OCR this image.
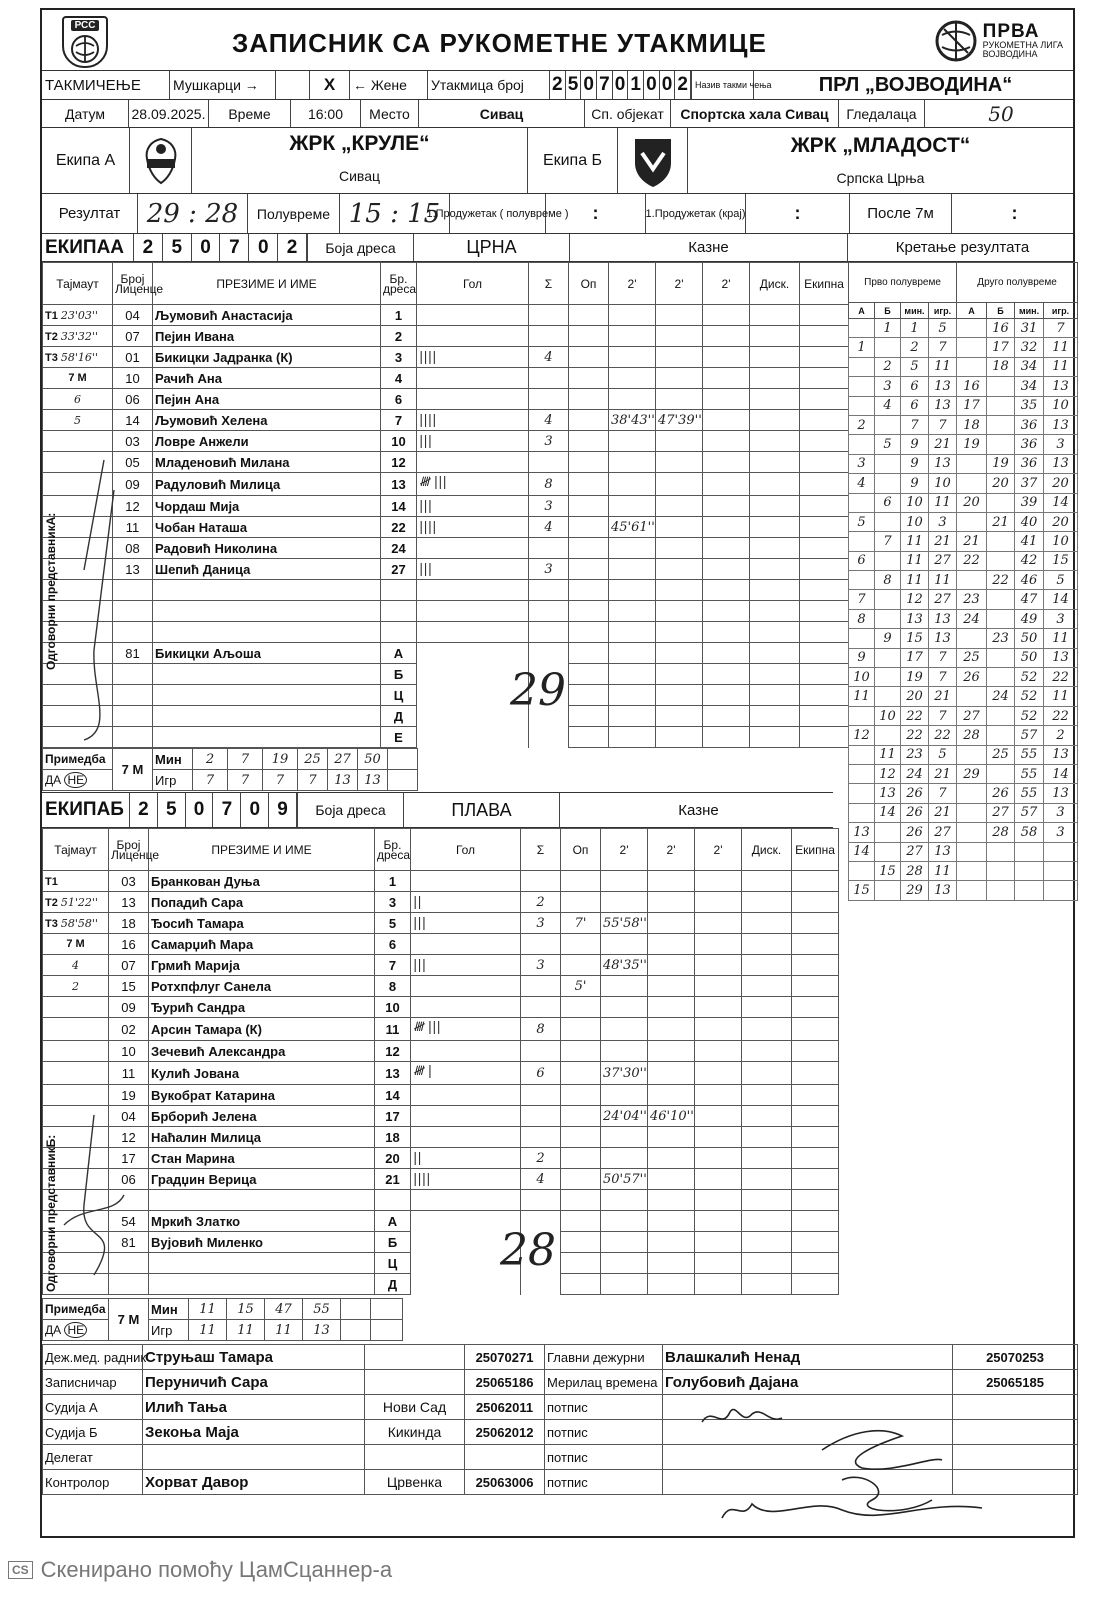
РСС
ЗАПИСНИК СА РУКОМЕТНЕ УТАКМИЦЕ	ПРВА
РУКОМЕТНА ЛИГА
ВОЈВОДИНА
ТАКМИЧЕЊЕ	Мушкарци →	X	← Жене	Утакмица број	2 5 0 7 0 1 0 0 2 Назив такми чења	ПРЛ „ВОЈВОДИНА“
Датум	28.09.2025.	Време	16:00	Место	Сивац	Сп. објекат	Спортска хала Сивац	Гледалаца	50
Екипа А
ЖРК „КРУЛЕ“
Сивац
Екипа Б
ЖРК „МЛАДОСТ“
Српска Црња
Резултат	29 : 28	Полувреме 15 : 15
1.Продужетак ( полувреме )	:	1.Продужетак (крај)	:	После 7м	:
ЕКИПАА 2 5 0 7 0 2	Боја дреса	ЦРНА	Казне	Кретање резултата
Тајмаут	Број Лиценце	ПРЕЗИМЕ И ИМЕ	Бр. дреса	Гол	Σ	Оп	2'	2'	2'	Диск.	Екипна
T1 23'03''	04	Љумовић Анастасија	1								
T2 33'32''	07	Пејин Ивана	2								
T3 58'16''	01	Бикицки Јадранка (К)	3	||||	4						
7 M	10	Рачић Ана	4								
6	06	Пејин Ана	6								
5	14	Љумовић Хелена	7	||||	4		38'43''	47'39''			
	03	Ловре Анжели	10	|||	3						
	05	Младеновић Милана	12								
	09	Радуловић Милица	13	𝍸 |||	8						
	12	Чордаш Мија	14	|||	3						
	11	Чобан Наташа	22	||||	4		45'61''				
	08	Радовић Николина	24								
	13	Шепић Даница	27	|||	3						

	81	Бикицки Аљоша	А								
			Б								
			Ц								
			Д								
			Е								
Примедба	7 M	Мин	2	7	19	25	27	50	
ДА НЕ		Игр	7	7	7	7	13	13	
ЕКИПАБ 2 5 0 7 0 9	Боја дреса	ПЛАВА	Казне
Тајмаут	Број Лиценце	ПРЕЗИМЕ И ИМЕ	Бр. дреса	Гол	Σ	Оп	2'	2'	2'	Диск.	Екипна
T1	03	Бранкован Дуња	1								
T2 51'22''	13	Попадић Сара	3	||	2						
T3 58'58''	18	Ђосић Тамара	5	|||	3	7'	55'58''				
7 M	16	Самарџић Мара	6								
4	07	Грмић Марија	7	|||	3		48'35''				
2	15	Ротхпфлуг Санела	8			5'					
	09	Ђурић Сандра	10								
	02	Арсин Тамара (К)	11	𝍸 |||	8						
	10	Зечевић Александра	12								
	11	Кулић Јована	13	𝍸 |	6		37'30''				
	19	Вукобрат Катарина	14								
	04	Брборић Јелена	17				24'04''	46'10''			
	12	Наћалин Милица	18								
	17	Стан Марина	20	||	2						
	06	Градџин Верица	21	||||	4		50'57''				

	54	Мркић Златко	А								
	81	Вујовић Миленко	Б								
			Ц								
			Д								
Примедба	7 M	Мин	11	15	47	55		
ДА НЕ		Игр	11	11	11	13		
Одговорни представникА:
Одговорни представникБ:
29
28
Прво полувреме				Друго полувреме			
А	Б	мин.	игр.	А	Б	мин.	игр.
	1	1	5		16	31	7
1		2	7		17	32	11
	2	5	11		18	34	11
	3	6	13	16		34	13
	4	6	13	17		35	10
2		7	7	18		36	13
	5	9	21	19		36	3
3		9	13		19	36	13
4		9	10		20	37	20
	6	10	11	20		39	14
5		10	3		21	40	20
	7	11	21	21		41	10
6		11	27	22		42	15
	8	11	11		22	46	5
7		12	27	23		47	14
8		13	13	24		49	3
	9	15	13		23	50	11
9		17	7	25		50	13
10		19	7	26		52	22
11		20	21		24	52	11
	10	22	7	27		52	22
12		22	22	28		57	2
	11	23	5		25	55	13
	12	24	21	29		55	14
	13	26	7		26	55	13
	14	26	21		27	57	3
13		26	27		28	58	3
14		27	13				
	15	28	11				
15		29	13				
Деж.мед. радник	Струњаш Тамара		25070271	Главни дежурни	Влашкалић Ненад	25070253
Записничар	Перуничић Сара		25065186	Мерилац времена	Голубовић Дајана	25065185
Судија А	Илић Тања	Нови Сад	25062011	потпис		
Судија Б	Зекоња Маја	Кикинда	25062012	потпис		
Делегат				потпис		
Контролор	Хорват Давор	Црвенка	25063006	потпис		
CS Скенирано помоћу ЦамСцаннер-а
